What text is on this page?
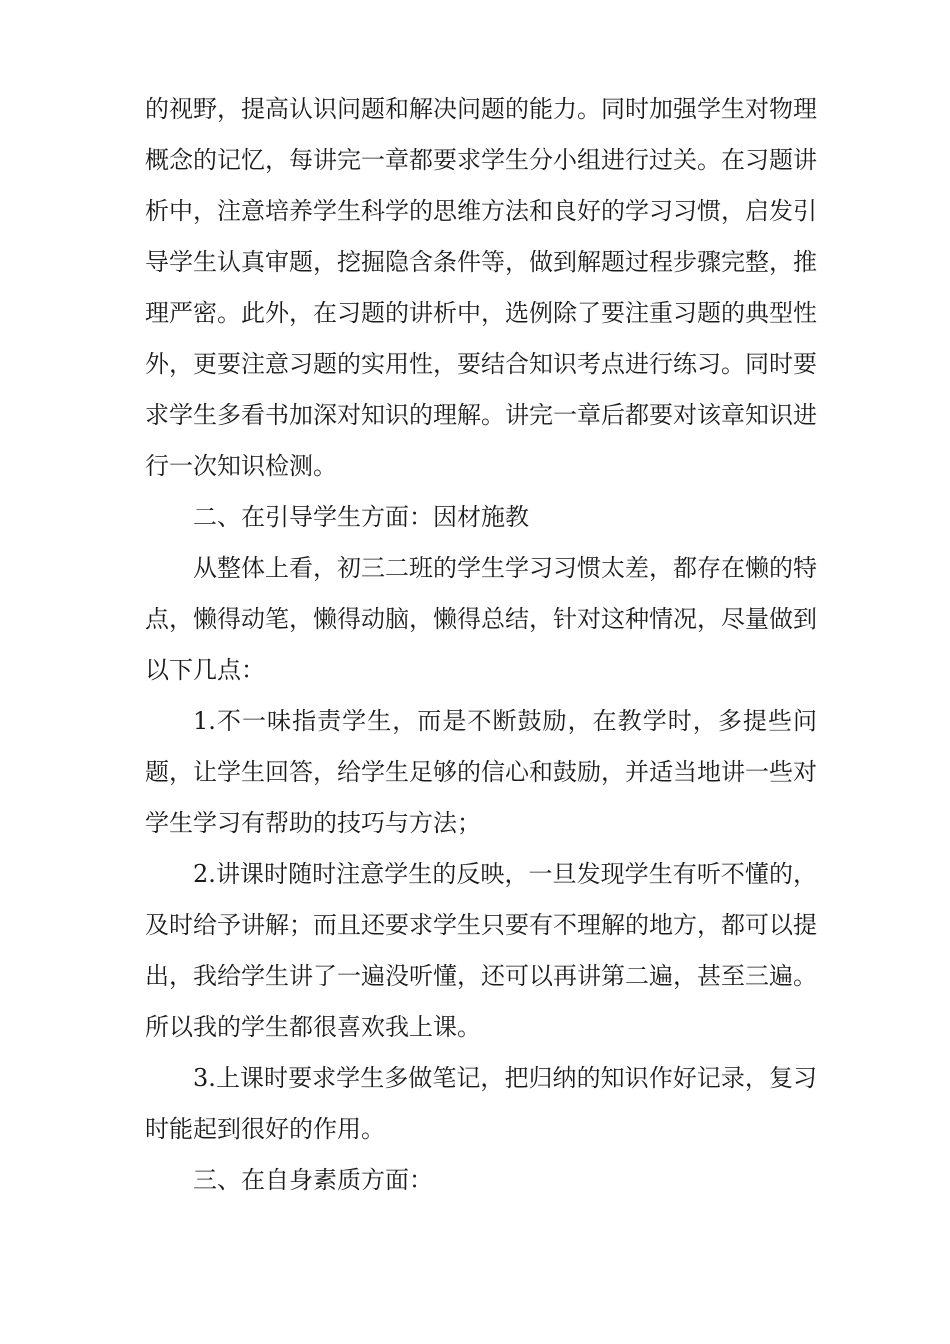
的视野，提高认识问题和解决问题的能力。同时加强学生对物理概念的记忆，每讲完一章都要求学生分小组进行过关。在习题讲析中，注意培养学生科学的思维方法和良好的学习习惯，启发引导学生认真审题，挖掘隐含条件等，做到解题过程步骤完整，推理严密。此外，在习题的讲析中，选例除了要注重习题的典型性外，更要注意习题的实用性，要结合知识考点进行练习。同时要求学生多看书加深对知识的理解。讲完一章后都要对该章知识进行一次知识检测。

二、在引导学生方面：因材施教

从整体上看，初三二班的学生学习习惯太差，都存在懒的特点，懒得动笔，懒得动脑，懒得总结，针对这种情况，尽量做到以下几点：

1.不一味指责学生，而是不断鼓励，在教学时，多提些问题，让学生回答，给学生足够的信心和鼓励，并适当地讲一些对学生学习有帮助的技巧与方法；

2.讲课时随时注意学生的反映，一旦发现学生有听不懂的，及时给予讲解；而且还要求学生只要有不理解的地方，都可以提出，我给学生讲了一遍没听懂，还可以再讲第二遍，甚至三遍。所以我的学生都很喜欢我上课。

3.上课时要求学生多做笔记，把归纳的知识作好记录，复习时能起到很好的作用。

三、在自身素质方面：
